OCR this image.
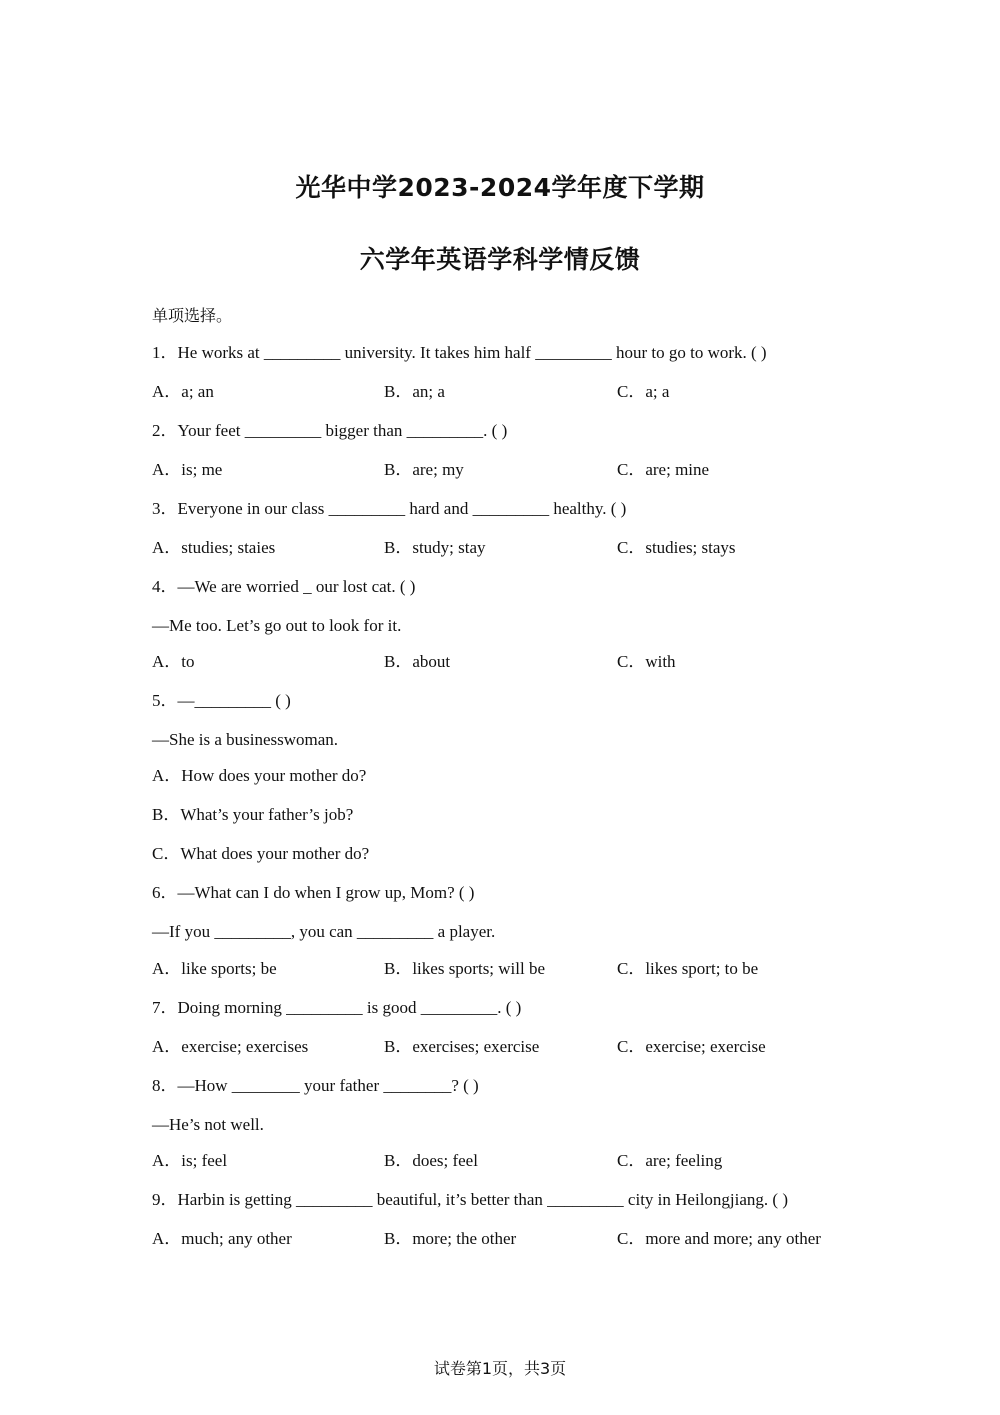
光华中学2023-2024学年度下学期
六学年英语学科学情反馈
单项选择。
1．He works at _________ university. It takes him half _________ hour to go to work. ( )
A．a; an	B．an; a	C．a; a
2．Your feet _________ bigger than _________. ( )
A．is; me	B．are; my	C．are; mine
3．Everyone in our class _________ hard and _________ healthy. ( )
A．studies; staies	B．study; stay	C．studies; stays
4．—We are worried _ our lost cat. ( )
—Me too. Let’s go out to look for it.
A．to	B．about	C．with
5．—_________ ( )
—She is a businesswoman.
A．How does your mother do?
B．What’s your father’s job?
C．What does your mother do?
6．—What can I do when I grow up, Mom? ( )
—If you _________, you can _________ a player.
A．like sports; be	B．likes sports; will be	C．likes sport; to be
7．Doing morning _________ is good _________. ( )
A．exercise; exercises	B．exercises; exercise	C．exercise; exercise
8．—How ________ your father ________? ( )
—He’s not well.
A．is; feel	B．does; feel	C．are; feeling
9．Harbin is getting _________ beautiful, it’s better than _________ city in Heilongjiang. ( )
A．much; any other	B．more; the other	C．more and more; any other
试卷第1页，共3页
